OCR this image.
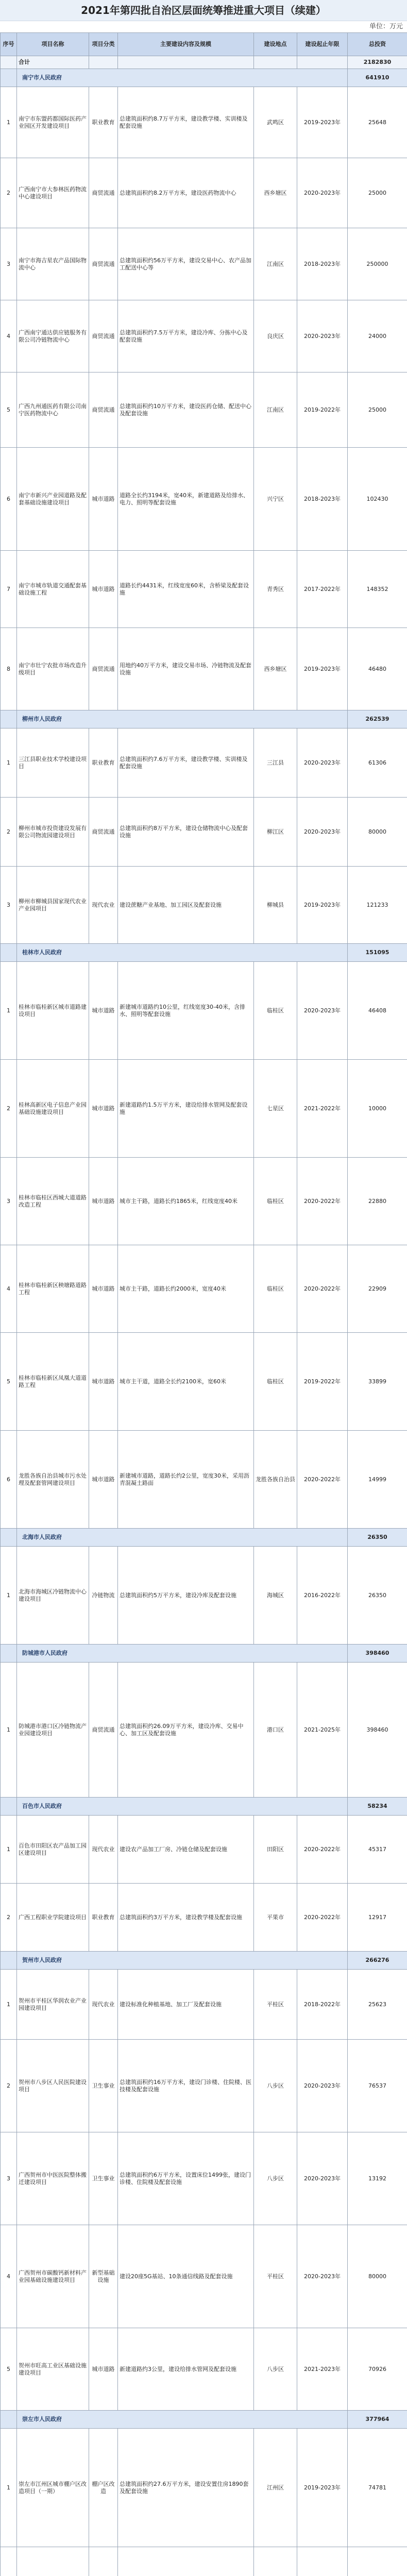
2021年第四批自治区层面统筹推进重大项目（续建）
单位：万元
序号	项目名称	项目分类	主要建设内容及规模	建设地点	建设起止年限	总投资
	合计					2182830
	南宁市人民政府					641910
1	南宁市东盟药都国际医药产业园区开发建设项目	职业教育	总建筑面积约8.7万平方米，建设教学楼、实训楼及配套设施	武鸣区	2019-2023年	25648
2	广西南宁市大参林医药物流中心建设项目	商贸流通	总建筑面积约8.2万平方米，建设医药物流中心	西乡塘区	2020-2023年	25000
3	南宁市海吉星农产品国际物流中心	商贸流通	总建筑面积约56万平方米，建设交易中心、农产品加工配送中心等	江南区	2018-2023年	250000
4	广西南宁通达供应链服务有限公司冷链物流中心	商贸流通	总建筑面积约7.5万平方米，建设冷库、分拣中心及配套设施	良庆区	2020-2023年	24000
5	广西九州通医药有限公司南宁医药物流中心	商贸流通	总建筑面积约10万平方米，建设医药仓储、配送中心及配套设施	江南区	2019-2022年	25000
6	南宁市新兴产业园道路及配套基础设施建设项目	城市道路	道路全长约3194米，宽40米，新建道路及给排水、电力、照明等配套设施	兴宁区	2018-2023年	102430
7	南宁市城市轨道交通配套基础设施工程	城市道路	道路长约4431米，红线宽度60米，含桥梁及配套设施	青秀区	2017-2022年	148352
8	南宁市壮宁农批市场改造升级项目	商贸流通	用地约40万平方米，建设交易市场、冷链物流及配套设施	西乡塘区	2019-2023年	46480
	柳州市人民政府					262539
1	三江县职业技术学校建设项目	职业教育	总建筑面积约7.6万平方米，建设教学楼、实训楼及配套设施	三江县	2020-2023年	61306
2	柳州市城市投资建设发展有限公司物流园建设项目	商贸流通	总建筑面积约8万平方米，建设仓储物流中心及配套设施	柳江区	2020-2023年	80000
3	柳州市柳城县国家现代农业产业园项目	现代农业	建设蔗糖产业基地、加工园区及配套设施	柳城县	2019-2023年	121233
	桂林市人民政府					151095
1	桂林市临桂新区城市道路建设项目	城市道路	新建城市道路约10公里，红线宽度30-40米，含排水、照明等配套设施	临桂区	2020-2023年	46408
2	桂林高新区电子信息产业园基础设施建设项目	城市道路	新建道路约1.5万平方米，建设给排水管网及配套设施	七星区	2021-2022年	10000
3	桂林市临桂区西城大道道路改造工程	城市道路	城市主干路，道路长约1865米，红线宽度40米	临桂区	2020-2022年	22880
4	桂林市临桂新区秧塘路道路工程	城市道路	城市主干路，道路长约2000米，宽度40米	临桂区	2020-2022年	22909
5	桂林市临桂新区凤凰大道道路工程	城市道路	城市主干道，道路全长约2100米，宽60米	临桂区	2019-2022年	33899
6	龙胜各族自治县城市污水处理及配套管网建设项目	城市道路	新建城市道路，道路长约2公里，宽度30米，采用沥青混凝土路面	龙胜各族自治县	2020-2022年	14999
	北海市人民政府					26350
1	北海市海城区冷链物流中心建设项目	冷链物流	总建筑面积约5万平方米，建设冷库及配套设施	海城区	2016-2022年	26350
	防城港市人民政府					398460
1	防城港市港口区冷链物流产业园建设项目	商贸流通	总建筑面积约26.09万平方米，建设冷库、交易中心、加工区及配套设施	港口区	2021-2025年	398460
	百色市人民政府					58234
1	百色市田阳区农产品加工园区建设项目	现代农业	建设农产品加工厂房、冷链仓储及配套设施	田阳区	2020-2022年	45317
2	广西工程职业学院建设项目	职业教育	总建筑面积约3万平方米，建设教学楼及配套设施	平果市	2020-2022年	12917
	贺州市人民政府					266276
1	贺州市平桂区华润农业产业园建设项目	现代农业	建设标准化种植基地、加工厂及配套设施	平桂区	2018-2022年	25623
2	贺州市八步区人民医院建设项目	卫生事业	总建筑面积约16万平方米，建设门诊楼、住院楼、医技楼及配套设施	八步区	2020-2023年	76537
3	广西贺州市中医医院整体搬迁建设项目	卫生事业	总建筑面积约6万平方米，设置床位1499张，建设门诊楼、住院楼及配套设施	八步区	2020-2023年	13192
4	广西贺州市碳酸钙新材料产业园基础设施建设项目	新型基础设施	建设20座5G基站、10条通信线路及配套设施	平桂区	2020-2023年	80000
5	贺州市旺高工业区基础设施建设项目	城市道路	新建道路约3公里，建设给排水管网及配套设施	八步区	2021-2023年	70926
	崇左市人民政府					377964
1	崇左市江州区城市棚户区改造项目（一期）	棚户区改造	总建筑面积约27.6万平方米，建设安置住房1890套及配套设施	江州区	2019-2023年	74781
